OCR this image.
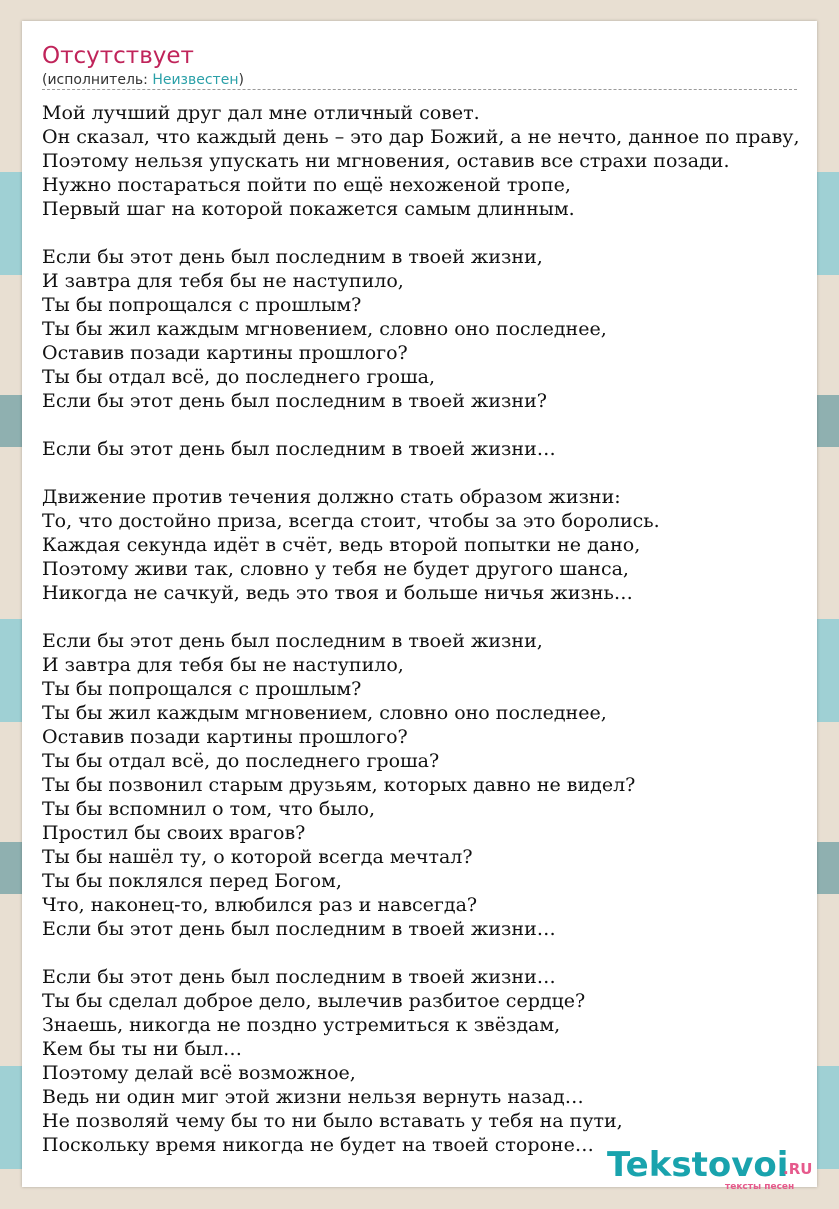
Отсутствует
(исполнитель: Неизвестен)
Мой лучший друг дал мне отличный совет.
Он сказал, что каждый день – это дар Божий, а не нечто, данное по праву,
Поэтому нельзя упускать ни мгновения, оставив все страхи позади.
Нужно постараться пойти по ещё нехоженой тропе,
Первый шаг на которой покажется самым длинным.
Если бы этот день был последним в твоей жизни,
И завтра для тебя бы не наступило,
Ты бы попрощался с прошлым?
Ты бы жил каждым мгновением, словно оно последнее,
Оставив позади картины прошлого?
Ты бы отдал всё, до последнего гроша,
Если бы этот день был последним в твоей жизни?
Если бы этот день был последним в твоей жизни…
Движение против течения должно стать образом жизни:
То, что достойно приза, всегда стоит, чтобы за это боролись.
Каждая секунда идёт в счёт, ведь второй попытки не дано,
Поэтому живи так, словно у тебя не будет другого шанса,
Никогда не сачкуй, ведь это твоя и больше ничья жизнь…
Если бы этот день был последним в твоей жизни,
И завтра для тебя бы не наступило,
Ты бы попрощался с прошлым?
Ты бы жил каждым мгновением, словно оно последнее,
Оставив позади картины прошлого?
Ты бы отдал всё, до последнего гроша?
Ты бы позвонил старым друзьям, которых давно не видел?
Ты бы вспомнил о том, что было,
Простил бы своих врагов?
Ты бы нашёл ту, о которой всегда мечтал?
Ты бы поклялся перед Богом,
Что, наконец-то, влюбился раз и навсегда?
Если бы этот день был последним в твоей жизни…
Если бы этот день был последним в твоей жизни…
Ты бы сделал доброе дело, вылечив разбитое сердце?
Знаешь, никогда не поздно устремиться к звёздам,
Кем бы ты ни был…
Поэтому делай всё возможное,
Ведь ни один миг этой жизни нельзя вернуть назад…
Не позволяй чему бы то ни было вставать у тебя на пути,
Поскольку время никогда не будет на твоей стороне… Tekstovoi
.RU
тексты песен
